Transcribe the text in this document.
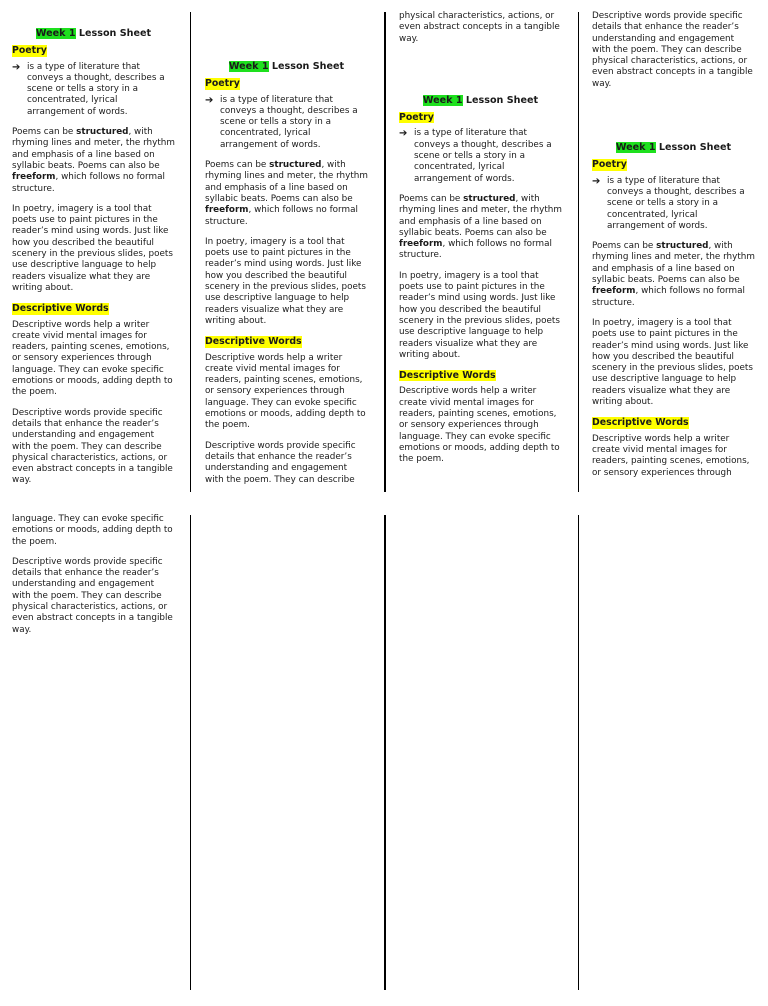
Week 1 Lesson Sheet
Poetry
➔ is a type of literature that conveys a thought, describes a scene or tells a story in a concentrated, lyrical arrangement of words.

Poems can be structured, with rhyming lines and meter, the rhythm and emphasis of a line based on syllabic beats. Poems can also be freeform, which follows no formal structure.

In poetry, imagery is a tool that poets use to paint pictures in the reader’s mind using words. Just like how you described the beautiful scenery in the previous slides, poets use descriptive language to help readers visualize what they are writing about.

Descriptive Words

Descriptive words help a writer create vivid mental images for readers, painting scenes, emotions, or sensory experiences through language. They can evoke specific emotions or moods, adding depth to the poem.

Descriptive words provide specific details that enhance the reader’s understanding and engagement with the poem. They can describe physical characteristics, actions, or even abstract concepts in a tangible way.

Week 1 Lesson Sheet
Poetry
➔ is a type of literature that conveys a thought, describes a scene or tells a story in a concentrated, lyrical arrangement of words.

Poems can be structured, with rhyming lines and meter, the rhythm and emphasis of a line based on syllabic beats. Poems can also be freeform, which follows no formal structure.

In poetry, imagery is a tool that poets use to paint pictures in the reader’s mind using words. Just like how you described the beautiful scenery in the previous slides, poets use descriptive language to help readers visualize what they are writing about.

Descriptive Words

Descriptive words help a writer create vivid mental images for readers, painting scenes, emotions, or sensory experiences through language. They can evoke specific emotions or moods, adding depth to the poem.

Descriptive words provide specific details that enhance the reader’s understanding and engagement with the poem. They can describe

physical characteristics, actions, or even abstract concepts in a tangible way.

Week 1 Lesson Sheet
Poetry
➔ is a type of literature that conveys a thought, describes a scene or tells a story in a concentrated, lyrical arrangement of words.

Poems can be structured, with rhyming lines and meter, the rhythm and emphasis of a line based on syllabic beats. Poems can also be freeform, which follows no formal structure.

In poetry, imagery is a tool that poets use to paint pictures in the reader’s mind using words. Just like how you described the beautiful scenery in the previous slides, poets use descriptive language to help readers visualize what they are writing about.

Descriptive Words

Descriptive words help a writer create vivid mental images for readers, painting scenes, emotions, or sensory experiences through language. They can evoke specific emotions or moods, adding depth to the poem.

Descriptive words provide specific details that enhance the reader’s understanding and engagement with the poem. They can describe physical characteristics, actions, or even abstract concepts in a tangible way.

Week 1 Lesson Sheet
Poetry
➔ is a type of literature that conveys a thought, describes a scene or tells a story in a concentrated, lyrical arrangement of words.

Poems can be structured, with rhyming lines and meter, the rhythm and emphasis of a line based on syllabic beats. Poems can also be freeform, which follows no formal structure.

In poetry, imagery is a tool that poets use to paint pictures in the reader’s mind using words. Just like how you described the beautiful scenery in the previous slides, poets use descriptive language to help readers visualize what they are writing about.

Descriptive Words

Descriptive words help a writer create vivid mental images for readers, painting scenes, emotions, or sensory experiences through

language. They can evoke specific emotions or moods, adding depth to the poem.

Descriptive words provide specific details that enhance the reader’s understanding and engagement with the poem. They can describe physical characteristics, actions, or even abstract concepts in a tangible way.
